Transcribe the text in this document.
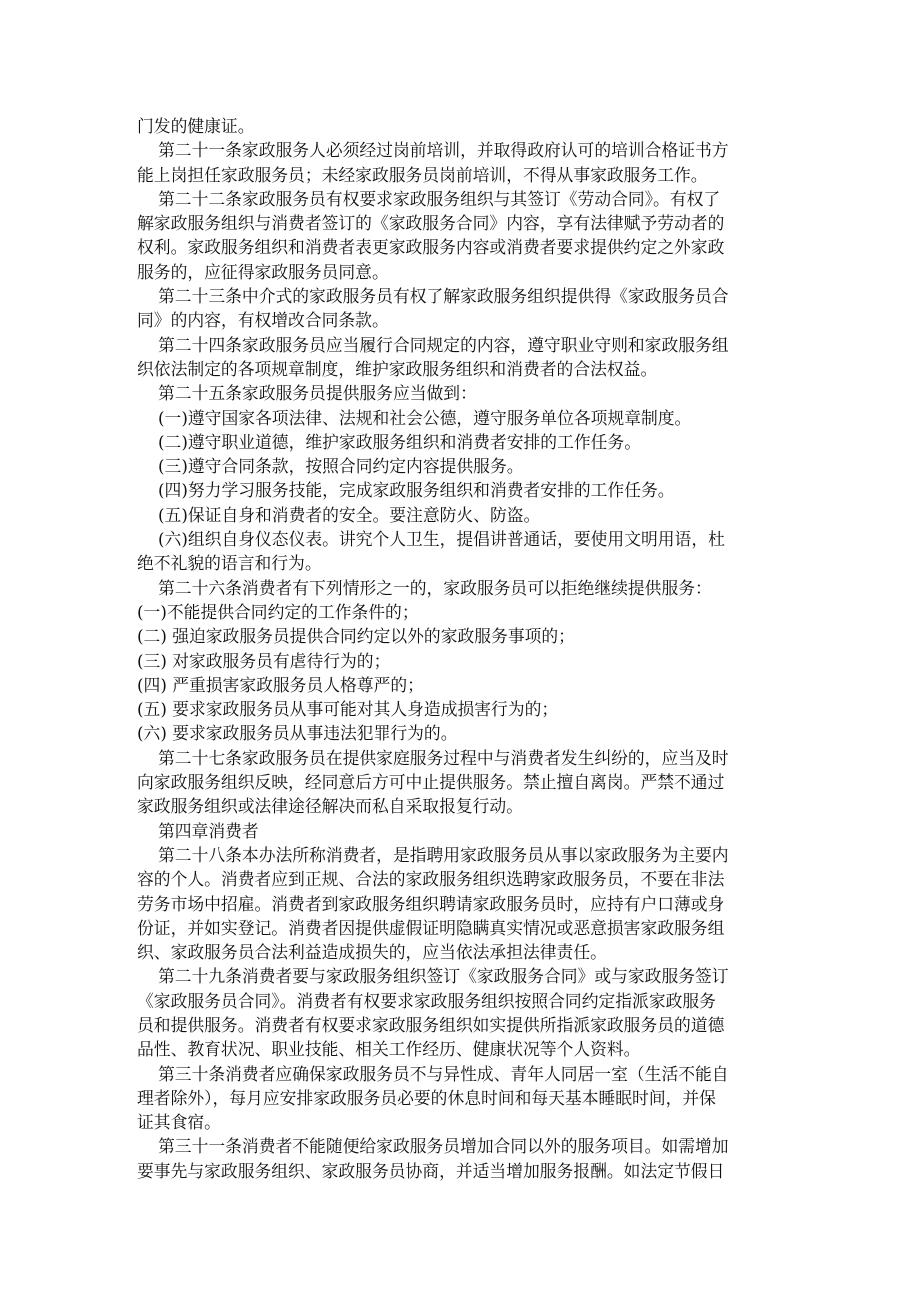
门发的健康证。
第二十一条家政服务人必须经过岗前培训，并取得政府认可的培训合格证书方
能上岗担任家政服务员；未经家政服务员岗前培训，不得从事家政服务工作。
第二十二条家政服务员有权要求家政服务组织与其签订《劳动合同》。有权了
解家政服务组织与消费者签订的《家政服务合同》内容，享有法律赋予劳动者的
权利。家政服务组织和消费者表更家政服务内容或消费者要求提供约定之外家政
服务的，应征得家政服务员同意。
第二十三条中介式的家政服务员有权了解家政服务组织提供得《家政服务员合
同》的内容，有权增改合同条款。
第二十四条家政服务员应当履行合同规定的内容，遵守职业守则和家政服务组
织依法制定的各项规章制度，维护家政服务组织和消费者的合法权益。
第二十五条家政服务员提供服务应当做到：
(一)遵守国家各项法律、法规和社会公德，遵守服务单位各项规章制度。
(二)遵守职业道德，维护家政服务组织和消费者安排的工作任务。
(三)遵守合同条款，按照合同约定内容提供服务。
(四)努力学习服务技能，完成家政服务组织和消费者安排的工作任务。
(五)保证自身和消费者的安全。要注意防火、防盗。
(六)组织自身仪态仪表。讲究个人卫生，提倡讲普通话，要使用文明用语，杜
绝不礼貌的语言和行为。
第二十六条消费者有下列情形之一的，家政服务员可以拒绝继续提供服务：
(一)不能提供合同约定的工作条件的；
(二) 强迫家政服务员提供合同约定以外的家政服务事项的；
(三) 对家政服务员有虐待行为的；
(四) 严重损害家政服务员人格尊严的；
(五) 要求家政服务员从事可能对其人身造成损害行为的；
(六) 要求家政服务员从事违法犯罪行为的。
第二十七条家政服务员在提供家庭服务过程中与消费者发生纠纷的，应当及时
向家政服务组织反映，经同意后方可中止提供服务。禁止擅自离岗。严禁不通过
家政服务组织或法律途径解决而私自采取报复行动。
第四章消费者
第二十八条本办法所称消费者，是指聘用家政服务员从事以家政服务为主要内
容的个人。消费者应到正规、合法的家政服务组织选聘家政服务员，不要在非法
劳务市场中招雇。消费者到家政服务组织聘请家政服务员时，应持有户口薄或身
份证，并如实登记。消费者因提供虚假证明隐瞒真实情况或恶意损害家政服务组
织、家政服务员合法利益造成损失的，应当依法承担法律责任。
第二十九条消费者要与家政服务组织签订《家政服务合同》或与家政服务签订
《家政服务员合同》。消费者有权要求家政服务组织按照合同约定指派家政服务
员和提供服务。消费者有权要求家政服务组织如实提供所指派家政服务员的道德
品性、教育状况、职业技能、相关工作经历、健康状况等个人资料。
第三十条消费者应确保家政服务员不与异性成、青年人同居一室（生活不能自
理者除外），每月应安排家政服务员必要的休息时间和每天基本睡眠时间，并保
证其食宿。
第三十一条消费者不能随便给家政服务员增加合同以外的服务项目。如需增加
要事先与家政服务组织、家政服务员协商，并适当增加服务报酬。如法定节假日
